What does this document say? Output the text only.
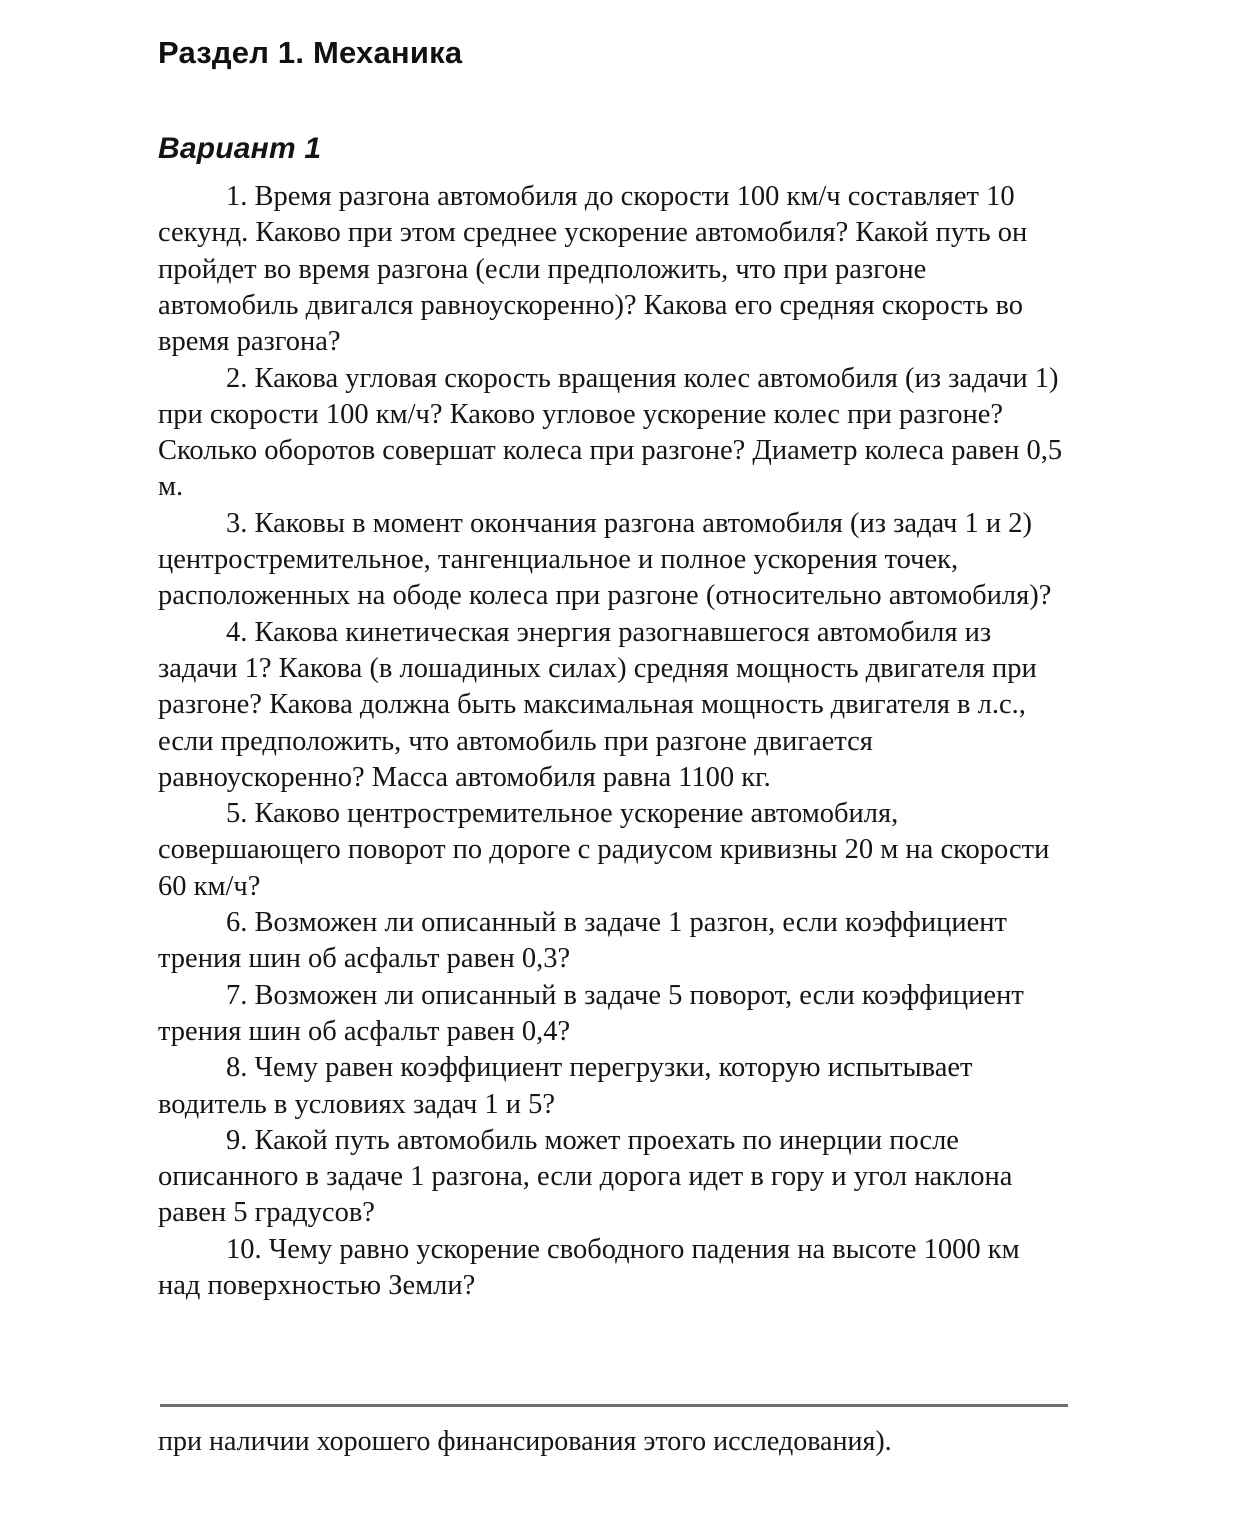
Раздел 1. Механика
Вариант 1

1. Время разгона автомобиля до скорости 100 км/ч составляет 10 секунд. Каково при этом среднее ускорение автомобиля? Какой путь он пройдет во время разгона (если предположить, что при разгоне автомобиль двигался равноускоренно)? Какова его средняя скорость во время разгона?

2. Какова угловая скорость вращения колес автомобиля (из задачи 1) при скорости 100 км/ч? Каково угловое ускорение колес при разгоне? Сколько оборотов совершат колеса при разгоне? Диаметр колеса равен 0,5 м.

3. Каковы в момент окончания разгона автомобиля (из задач 1 и 2) центростремительное, тангенциальное и полное ускорения точек,  расположенных на ободе колеса при разгоне (относительно автомобиля)?

4. Какова кинетическая энергия разогнавшегося автомобиля из задачи 1? Какова (в лошадиных силах) средняя мощность двигателя при разгоне? Какова должна быть максимальная мощность двигателя в л.с., если предположить, что автомобиль при разгоне двигается равноускоренно? Масса автомобиля равна 1100 кг.

5. Каково центростремительное ускорение автомобиля, совершающего поворот по дороге с радиусом кривизны 20 м на скорости 60 км/ч?

6. Возможен ли описанный в задаче 1 разгон, если коэффициент трения шин об асфальт равен 0,3?

7. Возможен ли описанный в задаче 5 поворот, если коэффициент трения шин об асфальт равен 0,4?

8. Чему равен коэффициент перегрузки, которую испытывает водитель в условиях задач 1 и 5?

9. Какой путь автомобиль может проехать по инерции после описанного в задаче 1 разгона, если дорога идет в гору и угол наклона равен 5 градусов?

10. Чему равно ускорение свободного падения на высоте 1000 км над поверхностью Земли?

при наличии хорошего финансирования этого исследования).
